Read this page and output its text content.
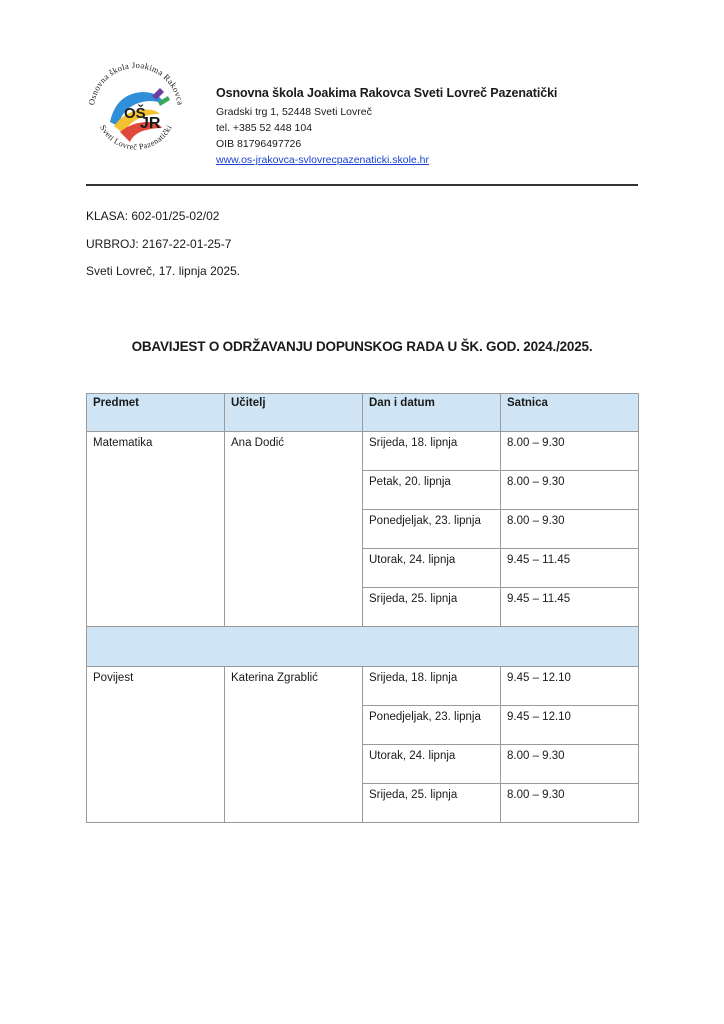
Osnovna škola Joakima Rakovca
Sveti Lovreč Pazenatički
OŠ
JR

Osnovna škola Joakima Rakovca Sveti Lovreč Pazenatički

Gradski trg 1, 52448 Sveti Lovreč

tel. +385 52 448 104

OIB 81796497726

www.os-jrakovca-svlovrecpazenaticki.skole.hr

KLASA: 602-01/25-02/02
URBROJ: 2167-22-01-25-7
Sveti Lovreč, 17. lipnja 2025.
OBAVIJEST O ODRŽAVANJU DOPUNSKOG RADA U ŠK. GOD. 2024./2025.
Predmet	Učitelj	Dan i datum	Satnica
Matematika	Ana Dodić	Srijeda, 18. lipnja	8.00 – 9.30
		Petak, 20. lipnja	8.00 – 9.30
		Ponedjeljak, 23. lipnja	8.00 – 9.30
		Utorak, 24. lipnja	9.45 – 11.45
		Srijeda, 25. lipnja	9.45 – 11.45

Povijest	Katerina Zgrablić	Srijeda, 18. lipnja	9.45 – 12.10
		Ponedjeljak, 23. lipnja	9.45 – 12.10
		Utorak, 24. lipnja	8.00 – 9.30
		Srijeda, 25. lipnja	8.00 – 9.30
